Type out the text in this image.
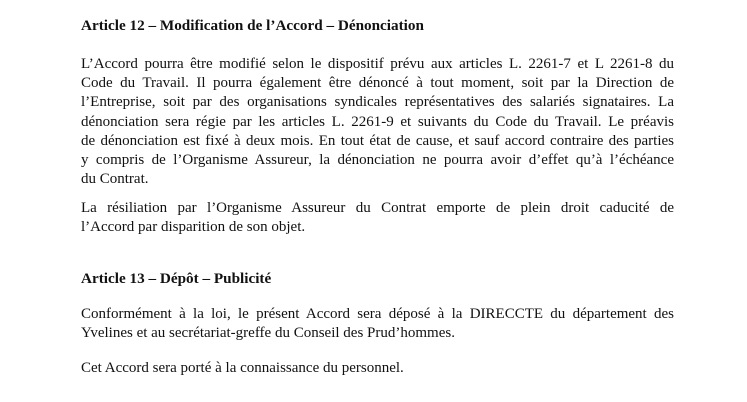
Article 12 – Modification de l’Accord – Dénonciation
L’Accord pourra être modifié selon le dispositif prévu aux articles L. 2261-7 et L 2261-8 du
Code du Travail. Il pourra également être dénoncé à tout moment, soit par la Direction de
l’Entreprise, soit par des organisations syndicales représentatives des salariés signataires. La
dénonciation sera régie par les articles L. 2261-9 et suivants du Code du Travail. Le préavis
de dénonciation est fixé à deux mois. En tout état de cause, et sauf accord contraire des parties
y compris de l’Organisme Assureur, la dénonciation ne pourra avoir d’effet qu’à l’échéance
du Contrat.
La résiliation par l’Organisme Assureur du Contrat emporte de plein droit caducité de
l’Accord par disparition de son objet.
Article 13 – Dépôt – Publicité
Conformément à la loi, le présent Accord sera déposé à la DIRECCTE du département des
Yvelines et au secrétariat-greffe du Conseil des Prud’hommes.
Cet Accord sera porté à la connaissance du personnel.
